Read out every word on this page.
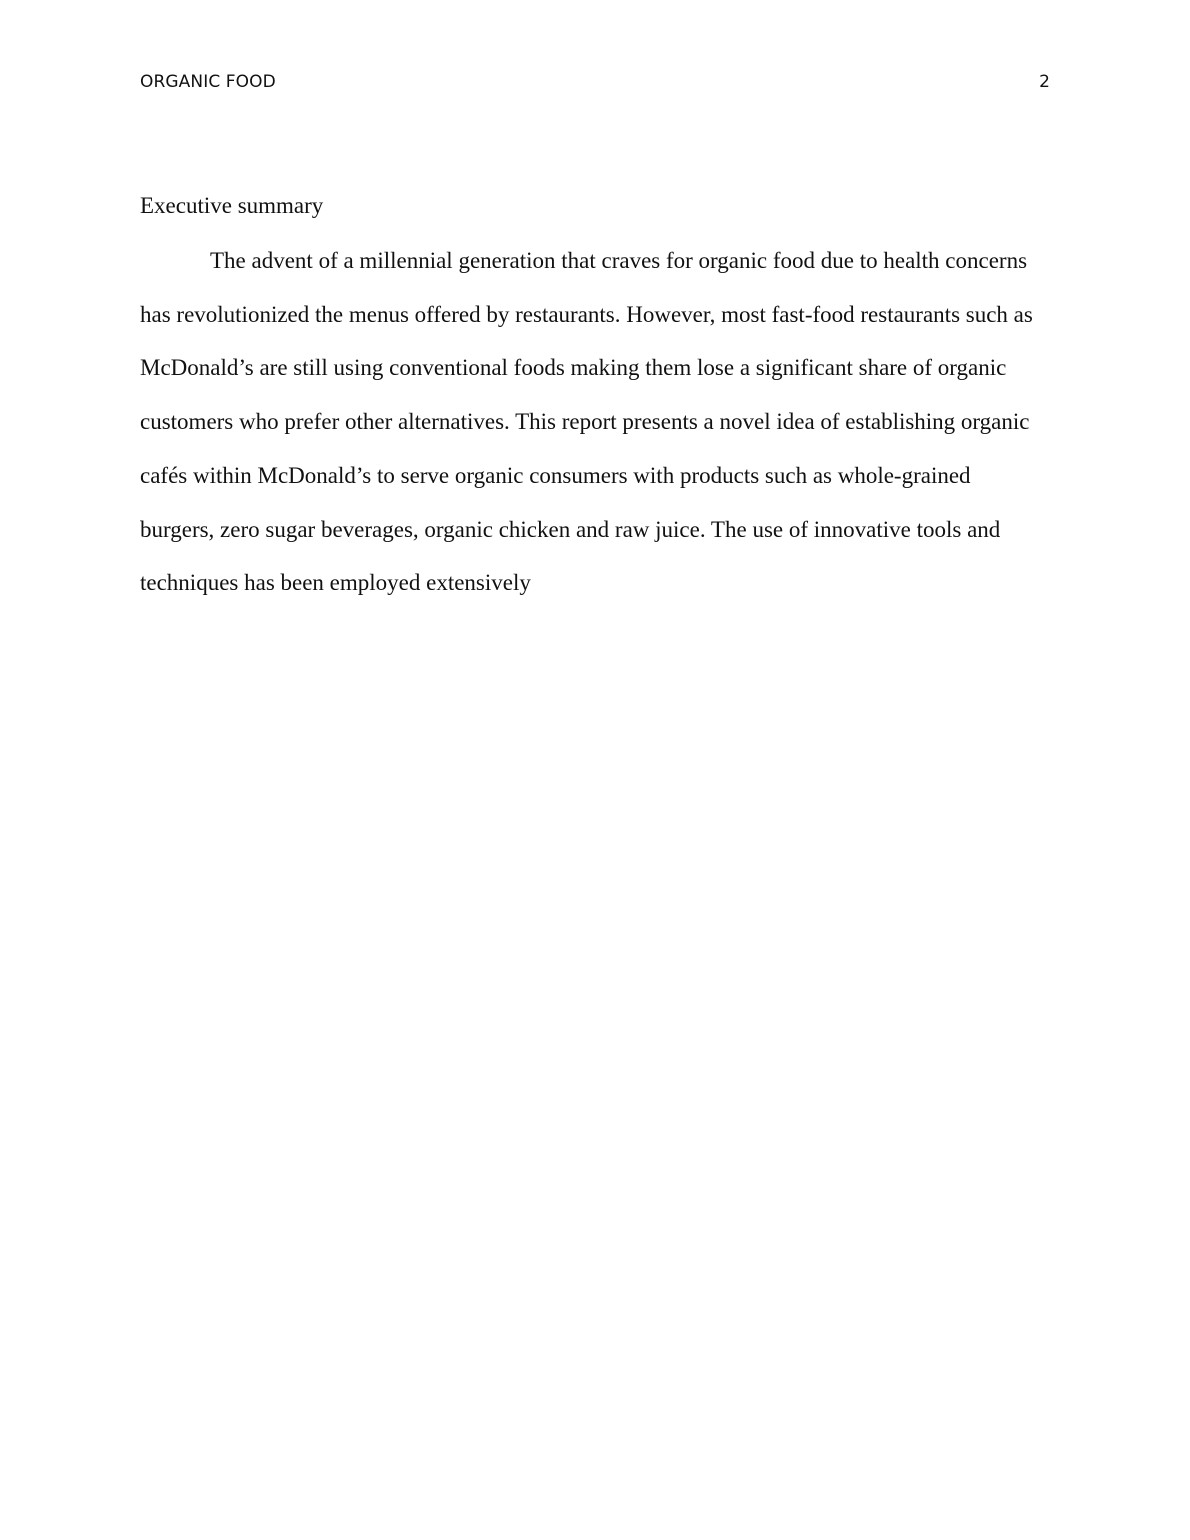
ORGANIC FOOD	2
Executive summary

The advent of a millennial generation that craves for organic food due to health concerns
has revolutionized the menus offered by restaurants. However, most fast-food restaurants such as
McDonald’s are still using conventional foods making them lose a significant share of organic
customers who prefer other alternatives. This report presents a novel idea of establishing organic
cafés within McDonald’s to serve organic consumers with products such as whole-grained
burgers, zero sugar beverages, organic chicken and raw juice. The use of innovative tools and
techniques has been employed extensively
